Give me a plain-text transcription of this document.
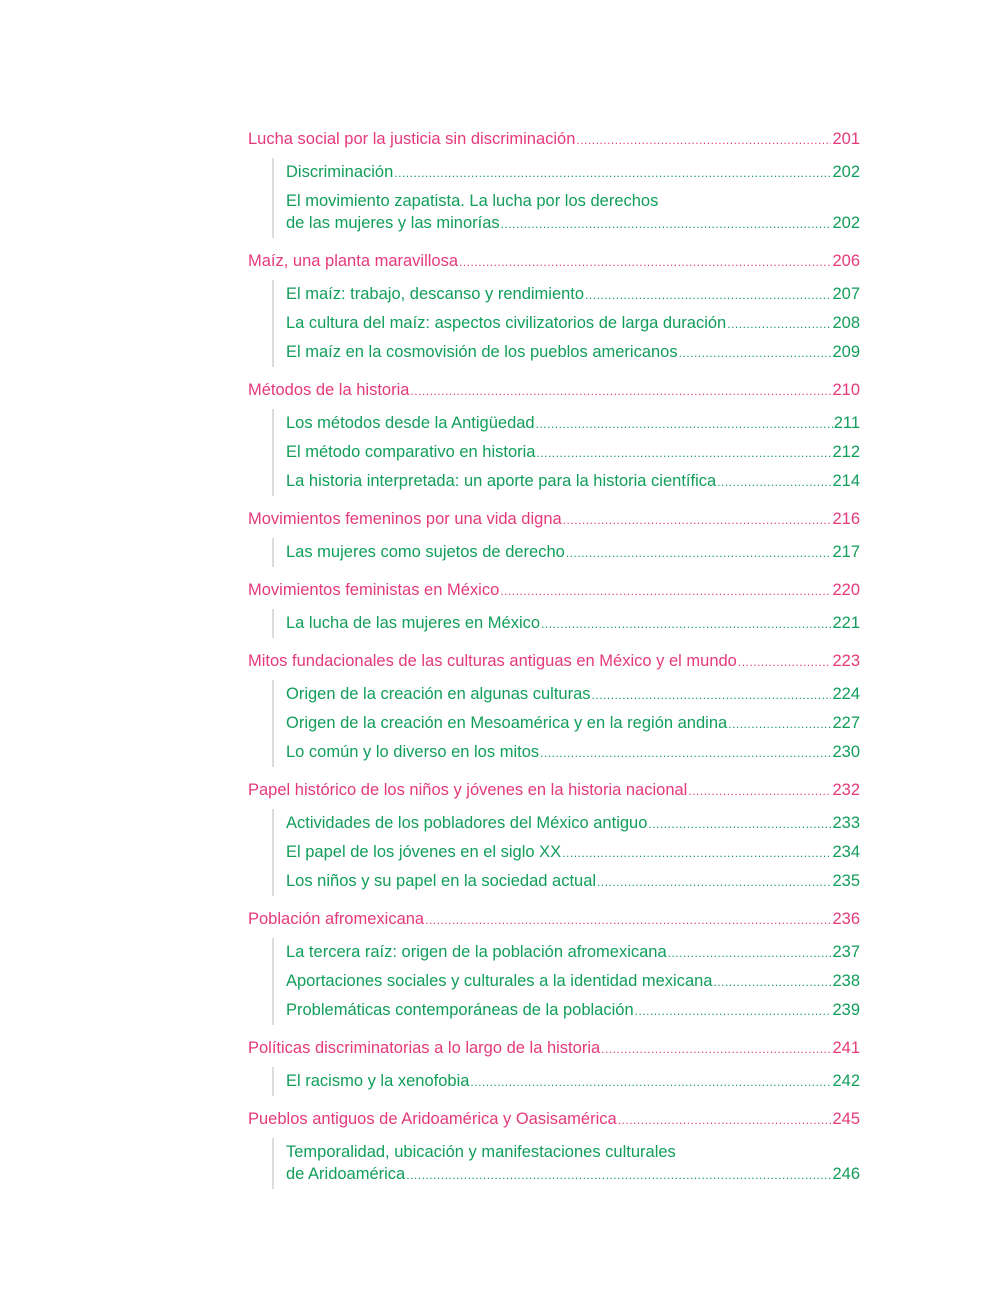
Lucha social por la justicia sin discriminación .....	201
Discriminación .....	202
El movimiento zapatista. La lucha por los derechos
de las mujeres y las minorías .....	202
Maíz, una planta maravillosa .....	206
El maíz: trabajo, descanso y rendimiento .....	207
La cultura del maíz: aspectos civilizatorios de larga duración .....	208
El maíz en la cosmovisión de los pueblos americanos .....	209
Métodos de la historia .....	210
Los métodos desde la Antigüedad .....	211
El método comparativo en historia .....	212
La historia interpretada: un aporte para la historia científica .....	214
Movimientos femeninos por una vida digna .....	216
Las mujeres como sujetos de derecho .....	217
Movimientos feministas en México .....	220
La lucha de las mujeres en México .....	221
Mitos fundacionales de las culturas antiguas en México y el mundo .....	223
Origen de la creación en algunas culturas .....	224
Origen de la creación en Mesoamérica y en la región andina .....	227
Lo común y lo diverso en los mitos .....	230
Papel histórico de los niños y jóvenes en la historia nacional .....	232
Actividades de los pobladores del México antiguo .....	233
El papel de los jóvenes en el siglo XX .....	234
Los niños y su papel en la sociedad actual .....	235
Población afromexicana .....	236
La tercera raíz: origen de la población afromexicana .....	237
Aportaciones sociales y culturales a la identidad mexicana .....	238
Problemáticas contemporáneas de la población .....	239
Políticas discriminatorias a lo largo de la historia .....	241
El racismo y la xenofobia .....	242
Pueblos antiguos de Aridoamérica y Oasisamérica .....	245
Temporalidad, ubicación y manifestaciones culturales
de Aridoamérica .....	246
